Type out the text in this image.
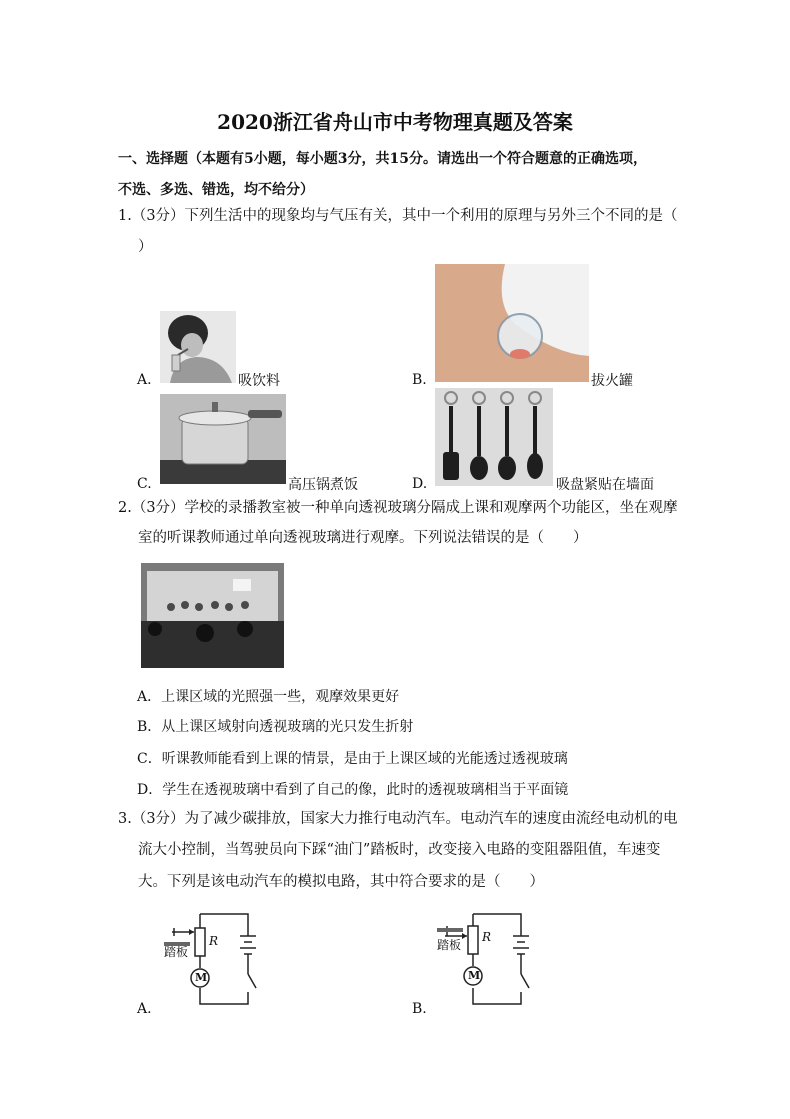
2020浙江省舟山市中考物理真题及答案
一、选择题（本题有5小题，每小题3分，共15分。请选出一个符合题意的正确选项，
不选、多选、错选，均不给分）
1.（3分）下列生活中的现象均与气压有关，其中一个利用的原理与另外三个不同的是（
）
A.	吸饮料	B.	拔火罐
C.	高压锅煮饭	D.	吸盘紧贴在墙面
2.（3分）学校的录播教室被一种单向透视玻璃分隔成上课和观摩两个功能区，坐在观摩
室的听课教师通过单向透视玻璃进行观摩。下列说法错误的是（　　）
A．上课区域的光照强一些，观摩效果更好
B．从上课区域射向透视玻璃的光只发生折射
C．听课教师能看到上课的情景，是由于上课区域的光能透过透视玻璃
D．学生在透视玻璃中看到了自己的像，此时的透视玻璃相当于平面镜
3.（3分）为了减少碳排放，国家大力推行电动汽车。电动汽车的速度由流经电动机的电
流大小控制，当驾驶员向下踩“油门”踏板时，改变接入电路的变阻器阻值，车速变
大。下列是该电动汽车的模拟电路，其中符合要求的是（　　）
踏板
R
M
A.
踏板
R
M
B.
